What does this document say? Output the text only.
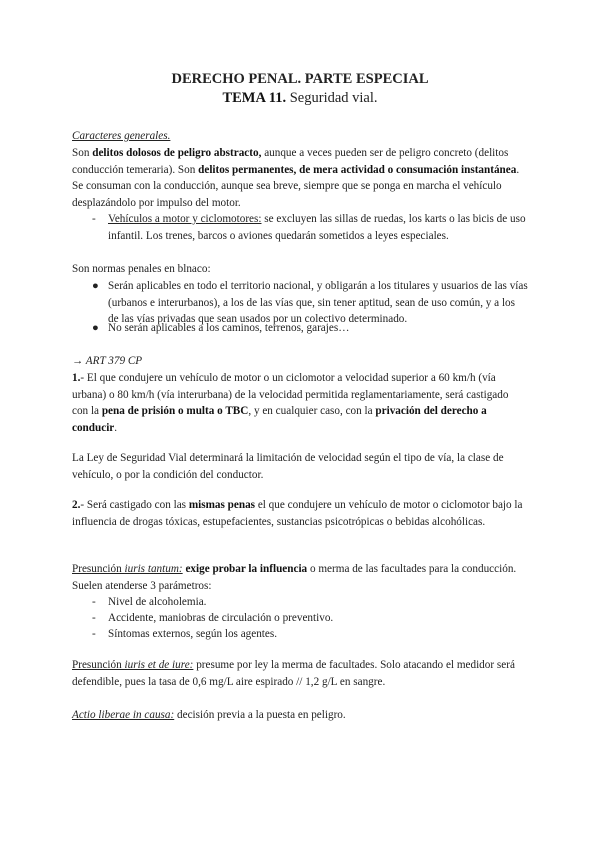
DERECHO PENAL. PARTE ESPECIAL
TEMA 11. Seguridad vial.
Caracteres generales.
Son delitos dolosos de peligro abstracto, aunque a veces pueden ser de peligro concreto (delitos conducción temeraria). Son delitos permanentes, de mera actividad o consumación instantánea. Se consuman con la conducción, aunque sea breve, siempre que se ponga en marcha el vehículo desplazándolo por impulso del motor.
-	Vehículos a motor y ciclomotores: se excluyen las sillas de ruedas, los karts o las bicis de uso infantil. Los trenes, barcos o aviones quedarán sometidos a leyes especiales.
Son normas penales en blnaco:
● Serán aplicables en todo el territorio nacional, y obligarán a los titulares y usuarios de las vías (urbanos e interurbanos), a los de las vías que, sin tener aptitud, sean de uso común, y a los de las vías privadas que sean usados por un colectivo determinado.
● No serán aplicables a los caminos, terrenos, garajes…
→ ART 379 CP
1.- El que condujere un vehículo de motor o un ciclomotor a velocidad superior a 60 km/h (vía urbana) o 80 km/h (vía interurbana) de la velocidad permitida reglamentariamente, será castigado con la pena de prisión o multa o TBC, y en cualquier caso, con la privación del derecho a conducir.
La Ley de Seguridad Vial determinará la limitación de velocidad según el tipo de vía, la clase de vehículo, o por la condición del conductor.
2.- Será castigado con las mismas penas el que condujere un vehículo de motor o ciclomotor bajo la influencia de drogas tóxicas, estupefacientes, sustancias psicotrópicas o bebidas alcohólicas.
Presunción iuris tantum: exige probar la influencia o merma de las facultades para la conducción. Suelen atenderse 3 parámetros:
-	Nivel de alcoholemia.
-	Accidente, maniobras de circulación o preventivo.
-	Síntomas externos, según los agentes.
Presunción iuris et de iure: presume por ley la merma de facultades. Solo atacando el medidor será defendible, pues la tasa de 0,6 mg/L aire espirado // 1,2 g/L en sangre.
Actio liberae in causa: decisión previa a la puesta en peligro.
